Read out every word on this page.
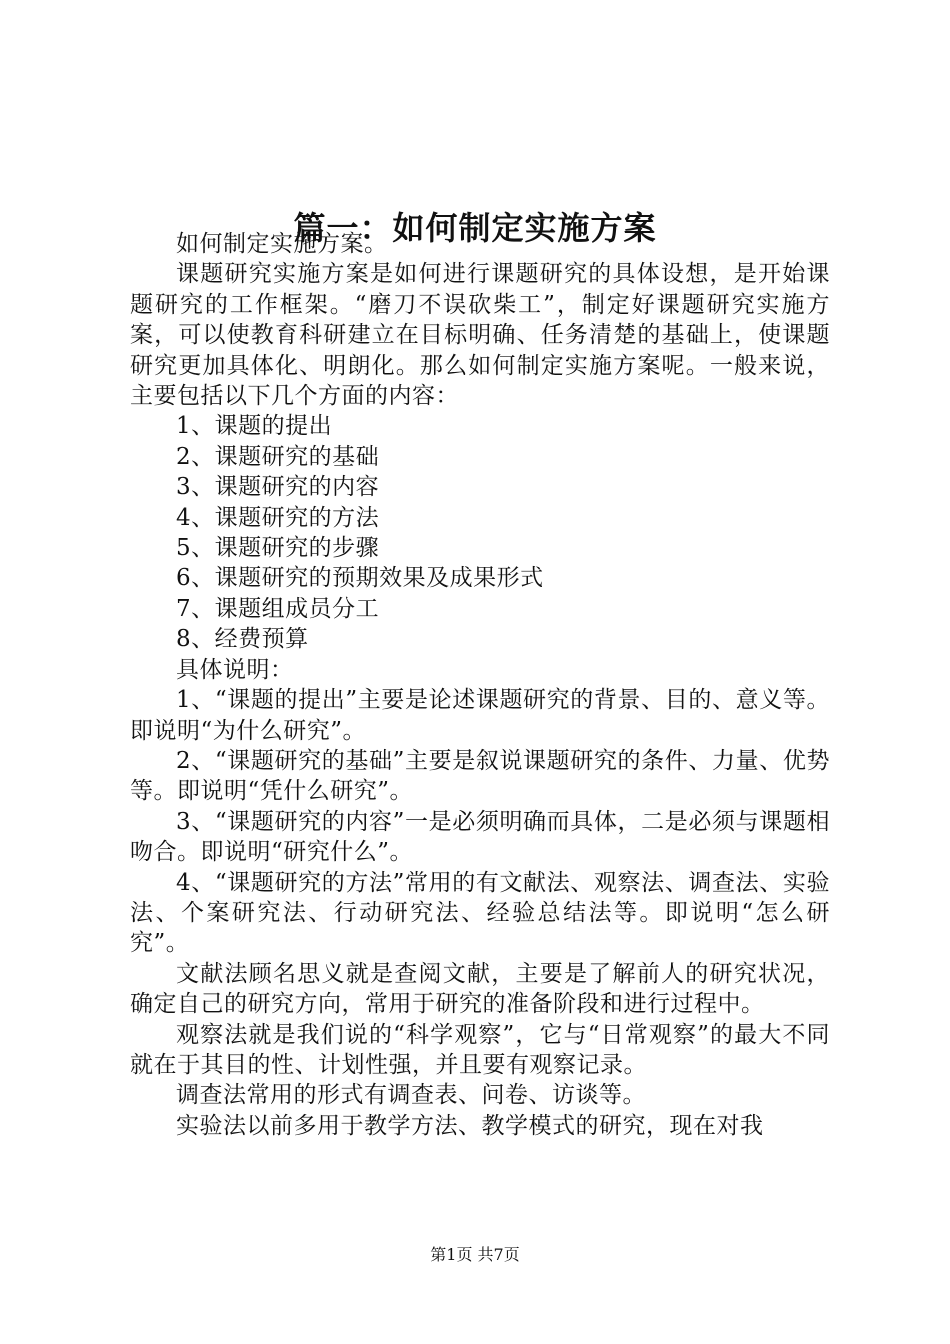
篇一：如何制定实施方案

如何制定实施方案。

课题研究实施方案是如何进行课题研究的具体设想，是开始课题研究的工作框架。“磨刀不误砍柴工”，制定好课题研究实施方案，可以使教育科研建立在目标明确、任务清楚的基础上，使课题研究更加具体化、明朗化。那么如何制定实施方案呢。一般来说，主要包括以下几个方面的内容：

1、课题的提出

2、课题研究的基础

3、课题研究的内容

4、课题研究的方法

5、课题研究的步骤

6、课题研究的预期效果及成果形式

7、课题组成员分工

8、经费预算

具体说明：

1、“课题的提出”主要是论述课题研究的背景、目的、意义等。即说明“为什么研究”。

2、“课题研究的基础”主要是叙说课题研究的条件、力量、优势等。即说明“凭什么研究”。

3、“课题研究的内容”一是必须明确而具体，二是必须与课题相吻合。即说明“研究什么”。

4、“课题研究的方法”常用的有文献法、观察法、调查法、实验法、个案研究法、行动研究法、经验总结法等。即说明“怎么研究”。

文献法顾名思义就是查阅文献，主要是了解前人的研究状况，确定自己的研究方向，常用于研究的准备阶段和进行过程中。

观察法就是我们说的“科学观察”，它与“日常观察”的最大不同就在于其目的性、计划性强，并且要有观察记录。

调查法常用的形式有调查表、问卷、访谈等。

实验法以前多用于教学方法、教学模式的研究，现在对我

第1页 共7页
